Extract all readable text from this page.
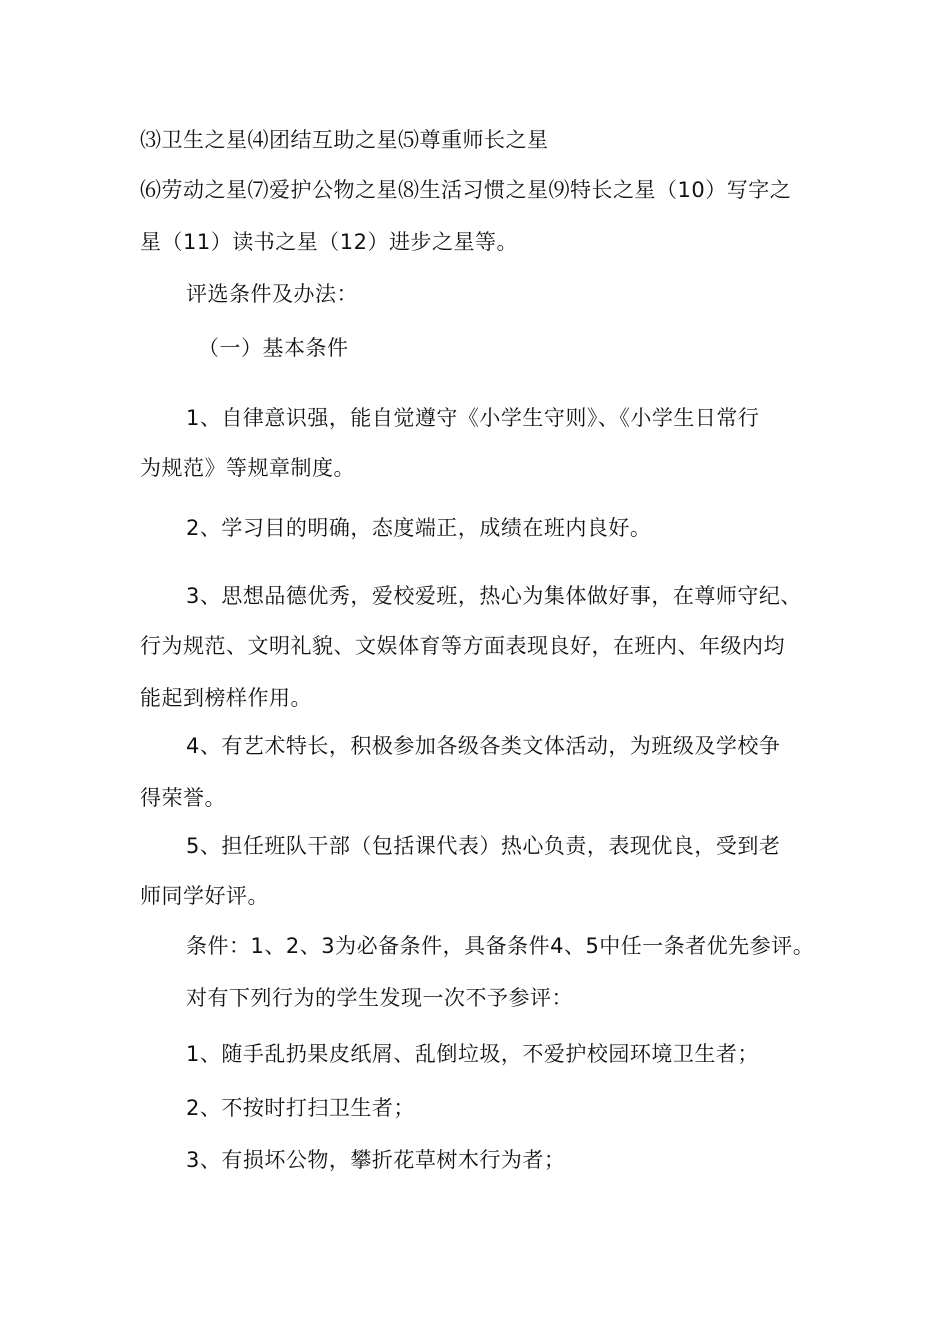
⑶卫生之星⑷团结互助之星⑸尊重师长之星
⑹劳动之星⑺爱护公物之星⑻生活习惯之星⑼特长之星（10）写字之
星（11）读书之星（12）进步之星等。
评选条件及办法：
（一）基本条件
1、自律意识强，能自觉遵守《小学生守则》、《小学生日常行
为规范》等规章制度。
2、学习目的明确，态度端正，成绩在班内良好。
3、思想品德优秀，爱校爱班，热心为集体做好事，在尊师守纪、
行为规范、文明礼貌、文娱体育等方面表现良好，在班内、年级内均
能起到榜样作用。
4、有艺术特长，积极参加各级各类文体活动，为班级及学校争
得荣誉。
5、担任班队干部（包括课代表）热心负责，表现优良，受到老
师同学好评。
条件：1、2、3为必备条件，具备条件4、5中任一条者优先参评。
对有下列行为的学生发现一次不予参评：
1、随手乱扔果皮纸屑、乱倒垃圾，不爱护校园环境卫生者；
2、不按时打扫卫生者；
3、有损坏公物，攀折花草树木行为者；
